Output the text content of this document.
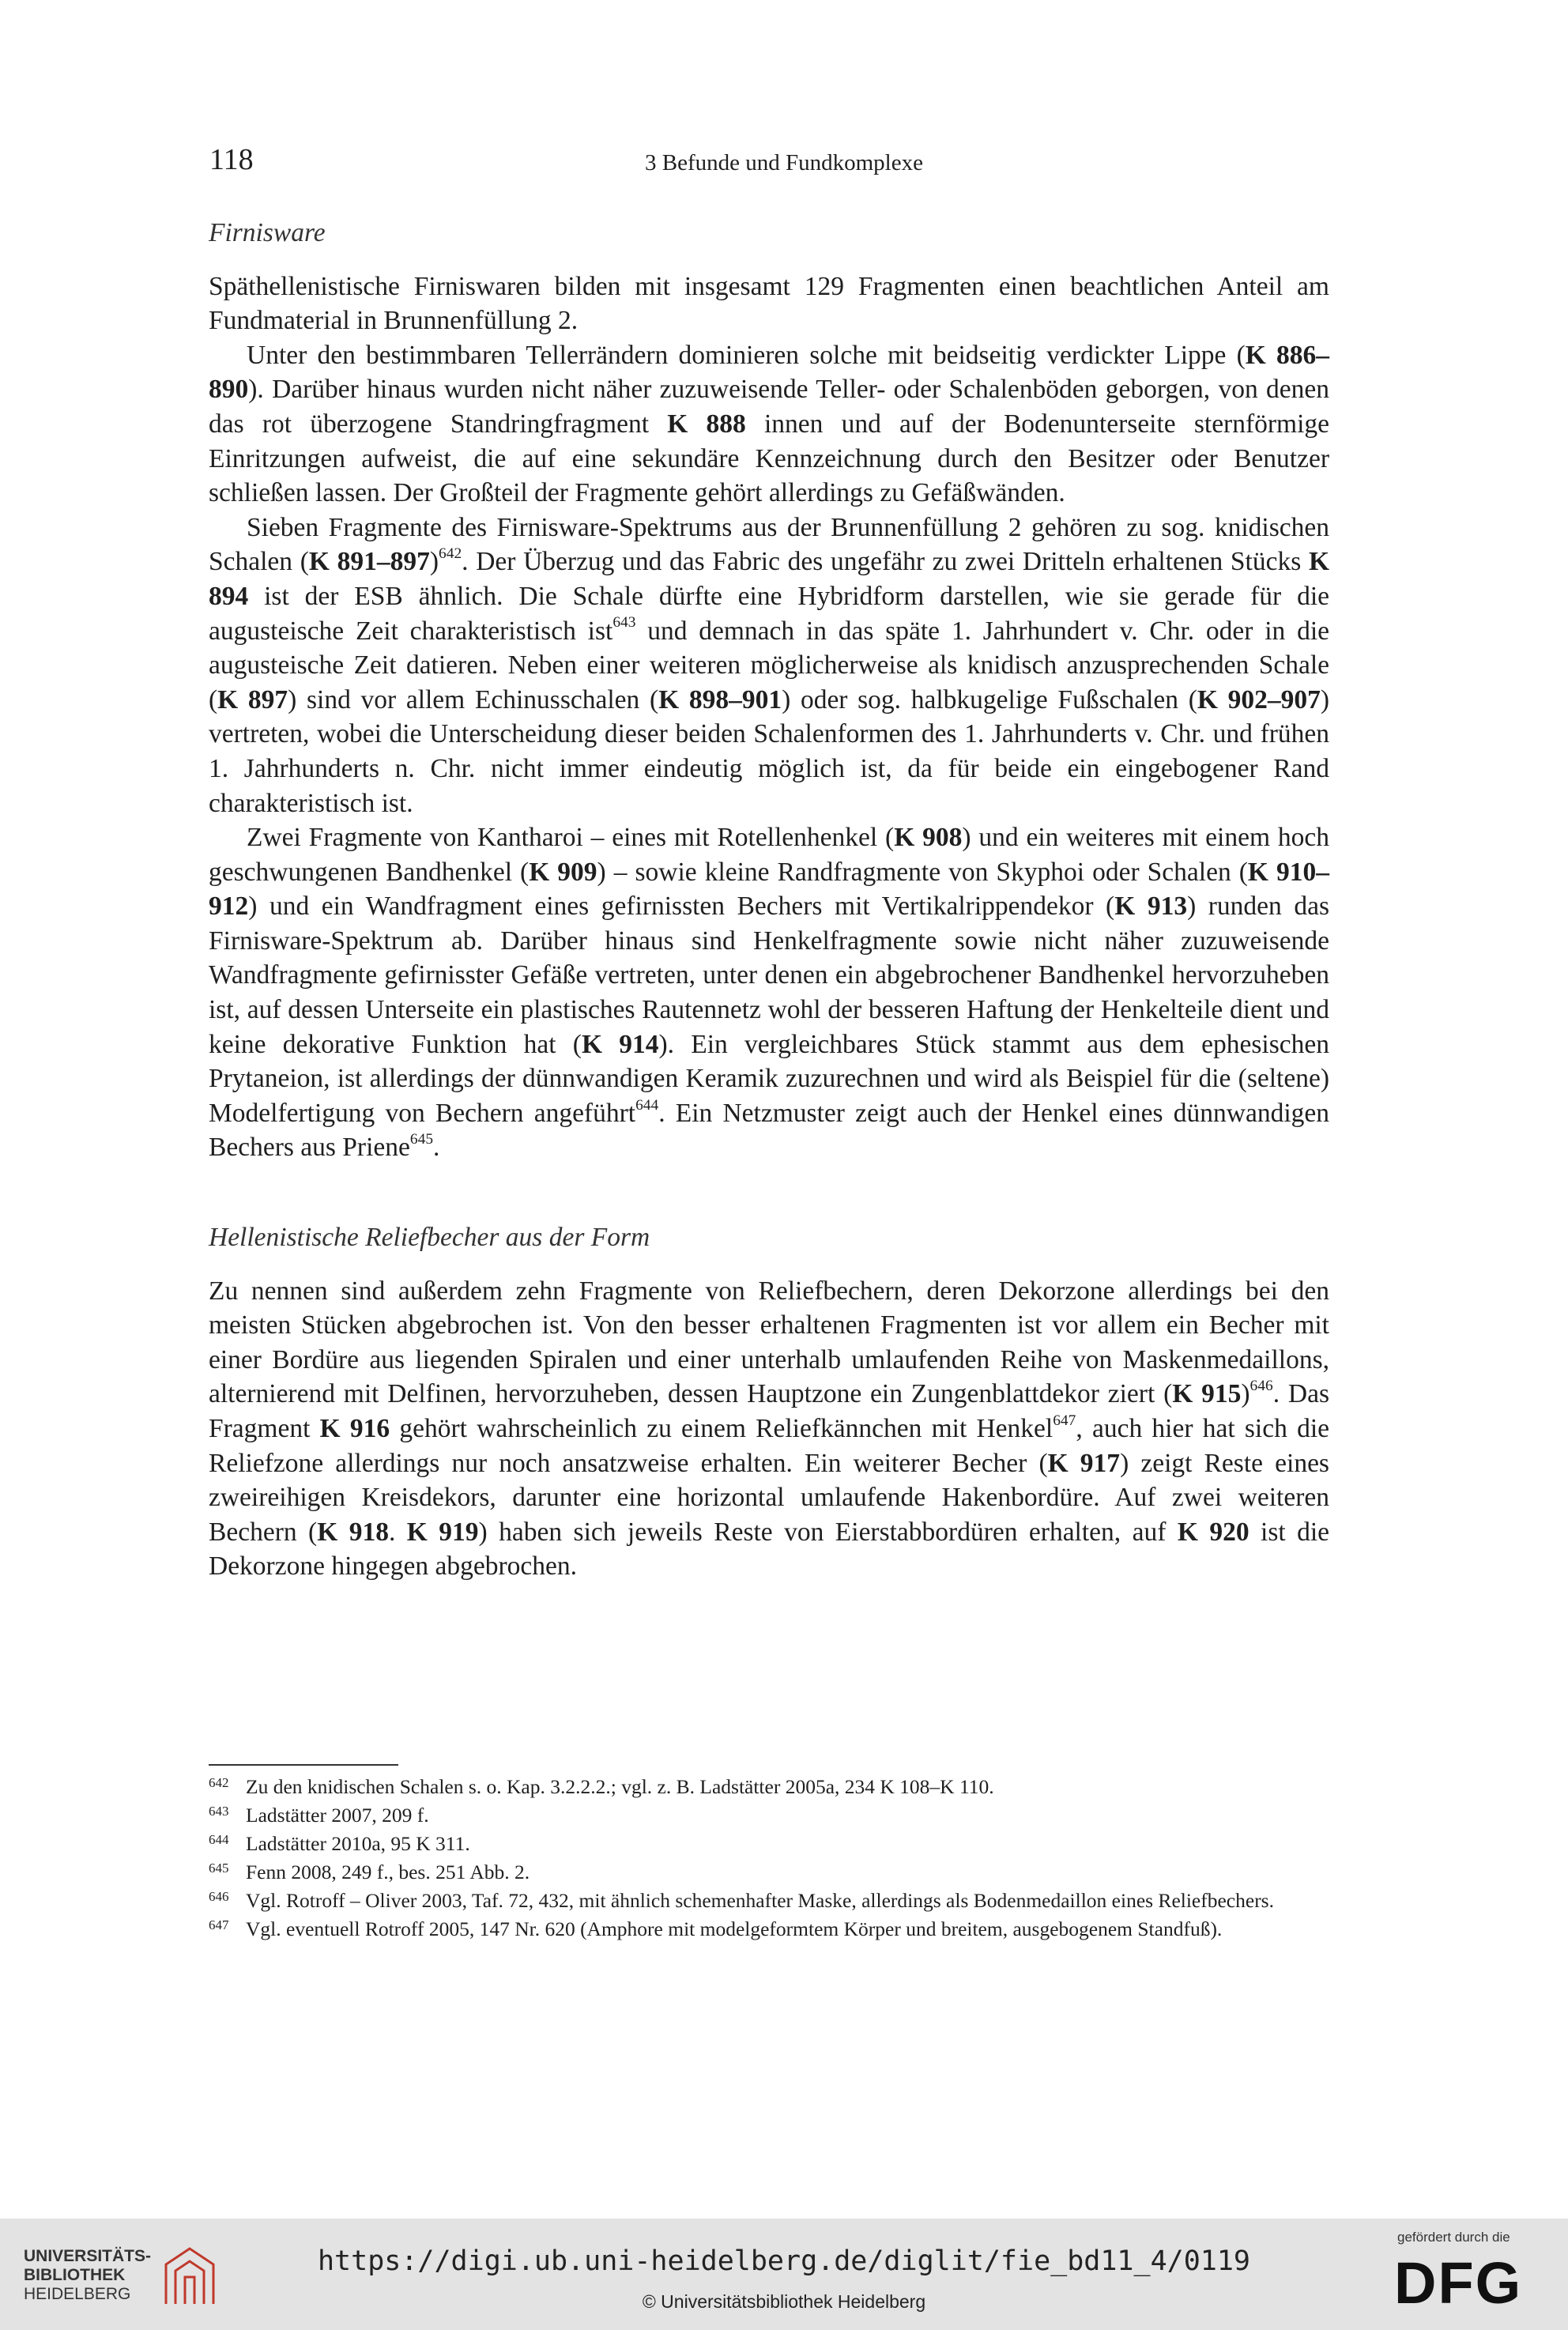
118	3 Befunde und Fundkomplexe
Firnisware

Späthellenistische Firniswaren bilden mit insgesamt 129 Fragmenten einen beachtlichen Anteil am Fundmaterial in Brunnenfüllung 2.

Unter den bestimmbaren Tellerrändern dominieren solche mit beidseitig verdickter Lippe (K 886–890). Darüber hinaus wurden nicht näher zuzuweisende Teller- oder Schalenböden geborgen, von denen das rot überzogene Standringfragment K 888 innen und auf der Bodenunterseite sternförmige Einritzungen aufweist, die auf eine sekundäre Kennzeichnung durch den Besitzer oder Benutzer schließen lassen. Der Großteil der Fragmente gehört allerdings zu Gefäßwänden.

Sieben Fragmente des Firnisware-Spektrums aus der Brunnenfüllung 2 gehören zu sog. knidischen Schalen (K 891–897)$^{642}$. Der Überzug und das Fabric des ungefähr zu zwei Dritteln erhaltenen Stücks K 894 ist der ESB ähnlich. Die Schale dürfte eine Hybridform darstellen, wie sie gerade für die augusteische Zeit charakteristisch ist$^{643}$ und demnach in das späte 1. Jahrhundert v. Chr. oder in die augusteische Zeit datieren. Neben einer weiteren möglicherweise als knidisch anzusprechenden Schale (K 897) sind vor allem Echinusschalen (K 898–901) oder sog. halbkugelige Fußschalen (K 902–907) vertreten, wobei die Unterscheidung dieser beiden Schalenformen des 1. Jahrhunderts v. Chr. und frühen 1. Jahrhunderts n. Chr. nicht immer eindeutig möglich ist, da für beide ein eingebogener Rand charakteristisch ist.

Zwei Fragmente von Kantharoi – eines mit Rotellenhenkel (K 908) und ein weiteres mit einem hoch geschwungenen Bandhenkel (K 909) – sowie kleine Randfragmente von Skyphoi oder Schalen (K 910–912) und ein Wandfragment eines gefirnissten Bechers mit Vertikalrippendekor (K 913) runden das Firnisware-Spektrum ab. Darüber hinaus sind Henkelfragmente sowie nicht näher zuzuweisende Wandfragmente gefirnisster Gefäße vertreten, unter denen ein abgebrochener Bandhenkel hervorzuheben ist, auf dessen Unterseite ein plastisches Rautennetz wohl der besseren Haftung der Henkelteile dient und keine dekorative Funktion hat (K 914). Ein vergleichbares Stück stammt aus dem ephesischen Prytaneion, ist allerdings der dünnwandigen Keramik zuzurechnen und wird als Beispiel für die (seltene) Modelfertigung von Bechern angeführt$^{644}$. Ein Netzmuster zeigt auch der Henkel eines dünnwandigen Bechers aus Priene$^{645}$.

Hellenistische Reliefbecher aus der Form

Zu nennen sind außerdem zehn Fragmente von Reliefbechern, deren Dekorzone allerdings bei den meisten Stücken abgebrochen ist. Von den besser erhaltenen Fragmenten ist vor allem ein Becher mit einer Bordüre aus liegenden Spiralen und einer unterhalb umlaufenden Reihe von Maskenmedaillons, alternierend mit Delfinen, hervorzuheben, dessen Hauptzone ein Zungenblattdekor ziert (K 915)$^{646}$. Das Fragment K 916 gehört wahrscheinlich zu einem Reliefkännchen mit Henkel$^{647}$, auch hier hat sich die Reliefzone allerdings nur noch ansatzweise erhalten. Ein weiterer Becher (K 917) zeigt Reste eines zweireihigen Kreisdekors, darunter eine horizontal umlaufende Hakenbordüre. Auf zwei weiteren Bechern (K 918. K 919) haben sich jeweils Reste von Eierstabbordüren erhalten, auf K 920 ist die Dekorzone hingegen abgebrochen.

642 Zu den knidischen Schalen s. o. Kap. 3.2.2.2.; vgl. z. B. Ladstätter 2005a, 234 K 108–K 110.
643 Ladstätter 2007, 209 f.
644 Ladstätter 2010a, 95 K 311.
645 Fenn 2008, 249 f., bes. 251 Abb. 2.
646 Vgl. Rotroff – Oliver 2003, Taf. 72, 432, mit ähnlich schemenhafter Maske, allerdings als Bodenmedaillon eines Reliefbechers.
647 Vgl. eventuell Rotroff 2005, 147 Nr. 620 (Amphore mit modelgeformtem Körper und breitem, ausgebogenem Standfuß).
UNIVERSITÄTS-
BIBLIOTHEK
HEIDELBERG
https://digi.ub.uni-heidelberg.de/diglit/fie_bd11_4/0119
© Universitätsbibliothek Heidelberg
gefördert durch die
DFG
